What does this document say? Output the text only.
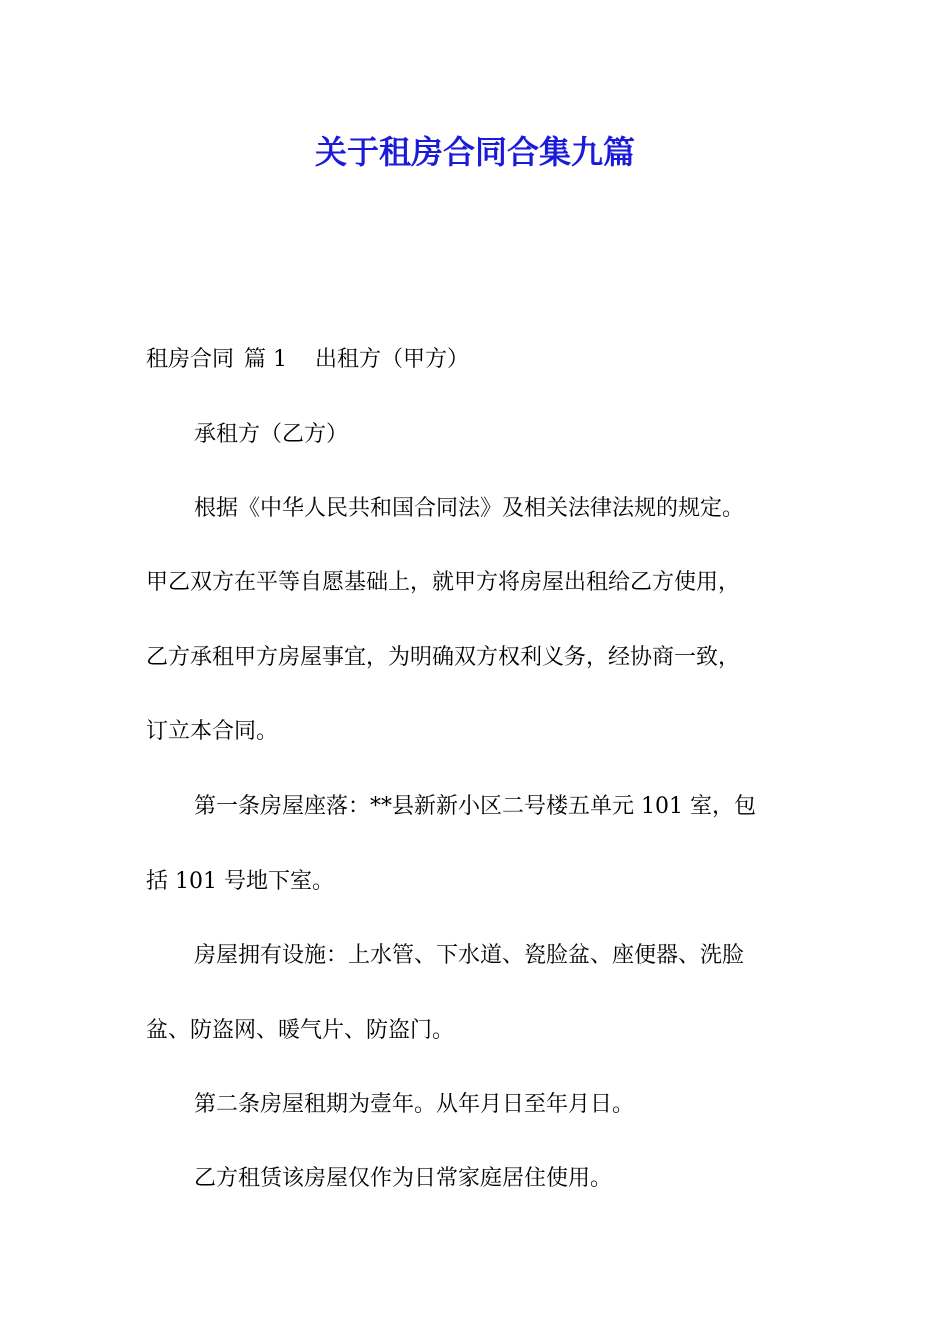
关于租房合同合集九篇

租房合同 篇 1 出租方（甲方）

承租方（乙方）

根据《中华人民共和国合同法》及相关法律法规的规定。

甲乙双方在平等自愿基础上，就甲方将房屋出租给乙方使用，

乙方承租甲方房屋事宜，为明确双方权利义务，经协商一致，

订立本合同。

第一条房屋座落：**县新新小区二号楼五单元 101 室，包

括 101 号地下室。

房屋拥有设施：上水管、下水道、瓷脸盆、座便器、洗脸

盆、防盗网、暖气片、防盗门。

第二条房屋租期为壹年。从年月日至年月日。

乙方租赁该房屋仅作为日常家庭居住使用。
